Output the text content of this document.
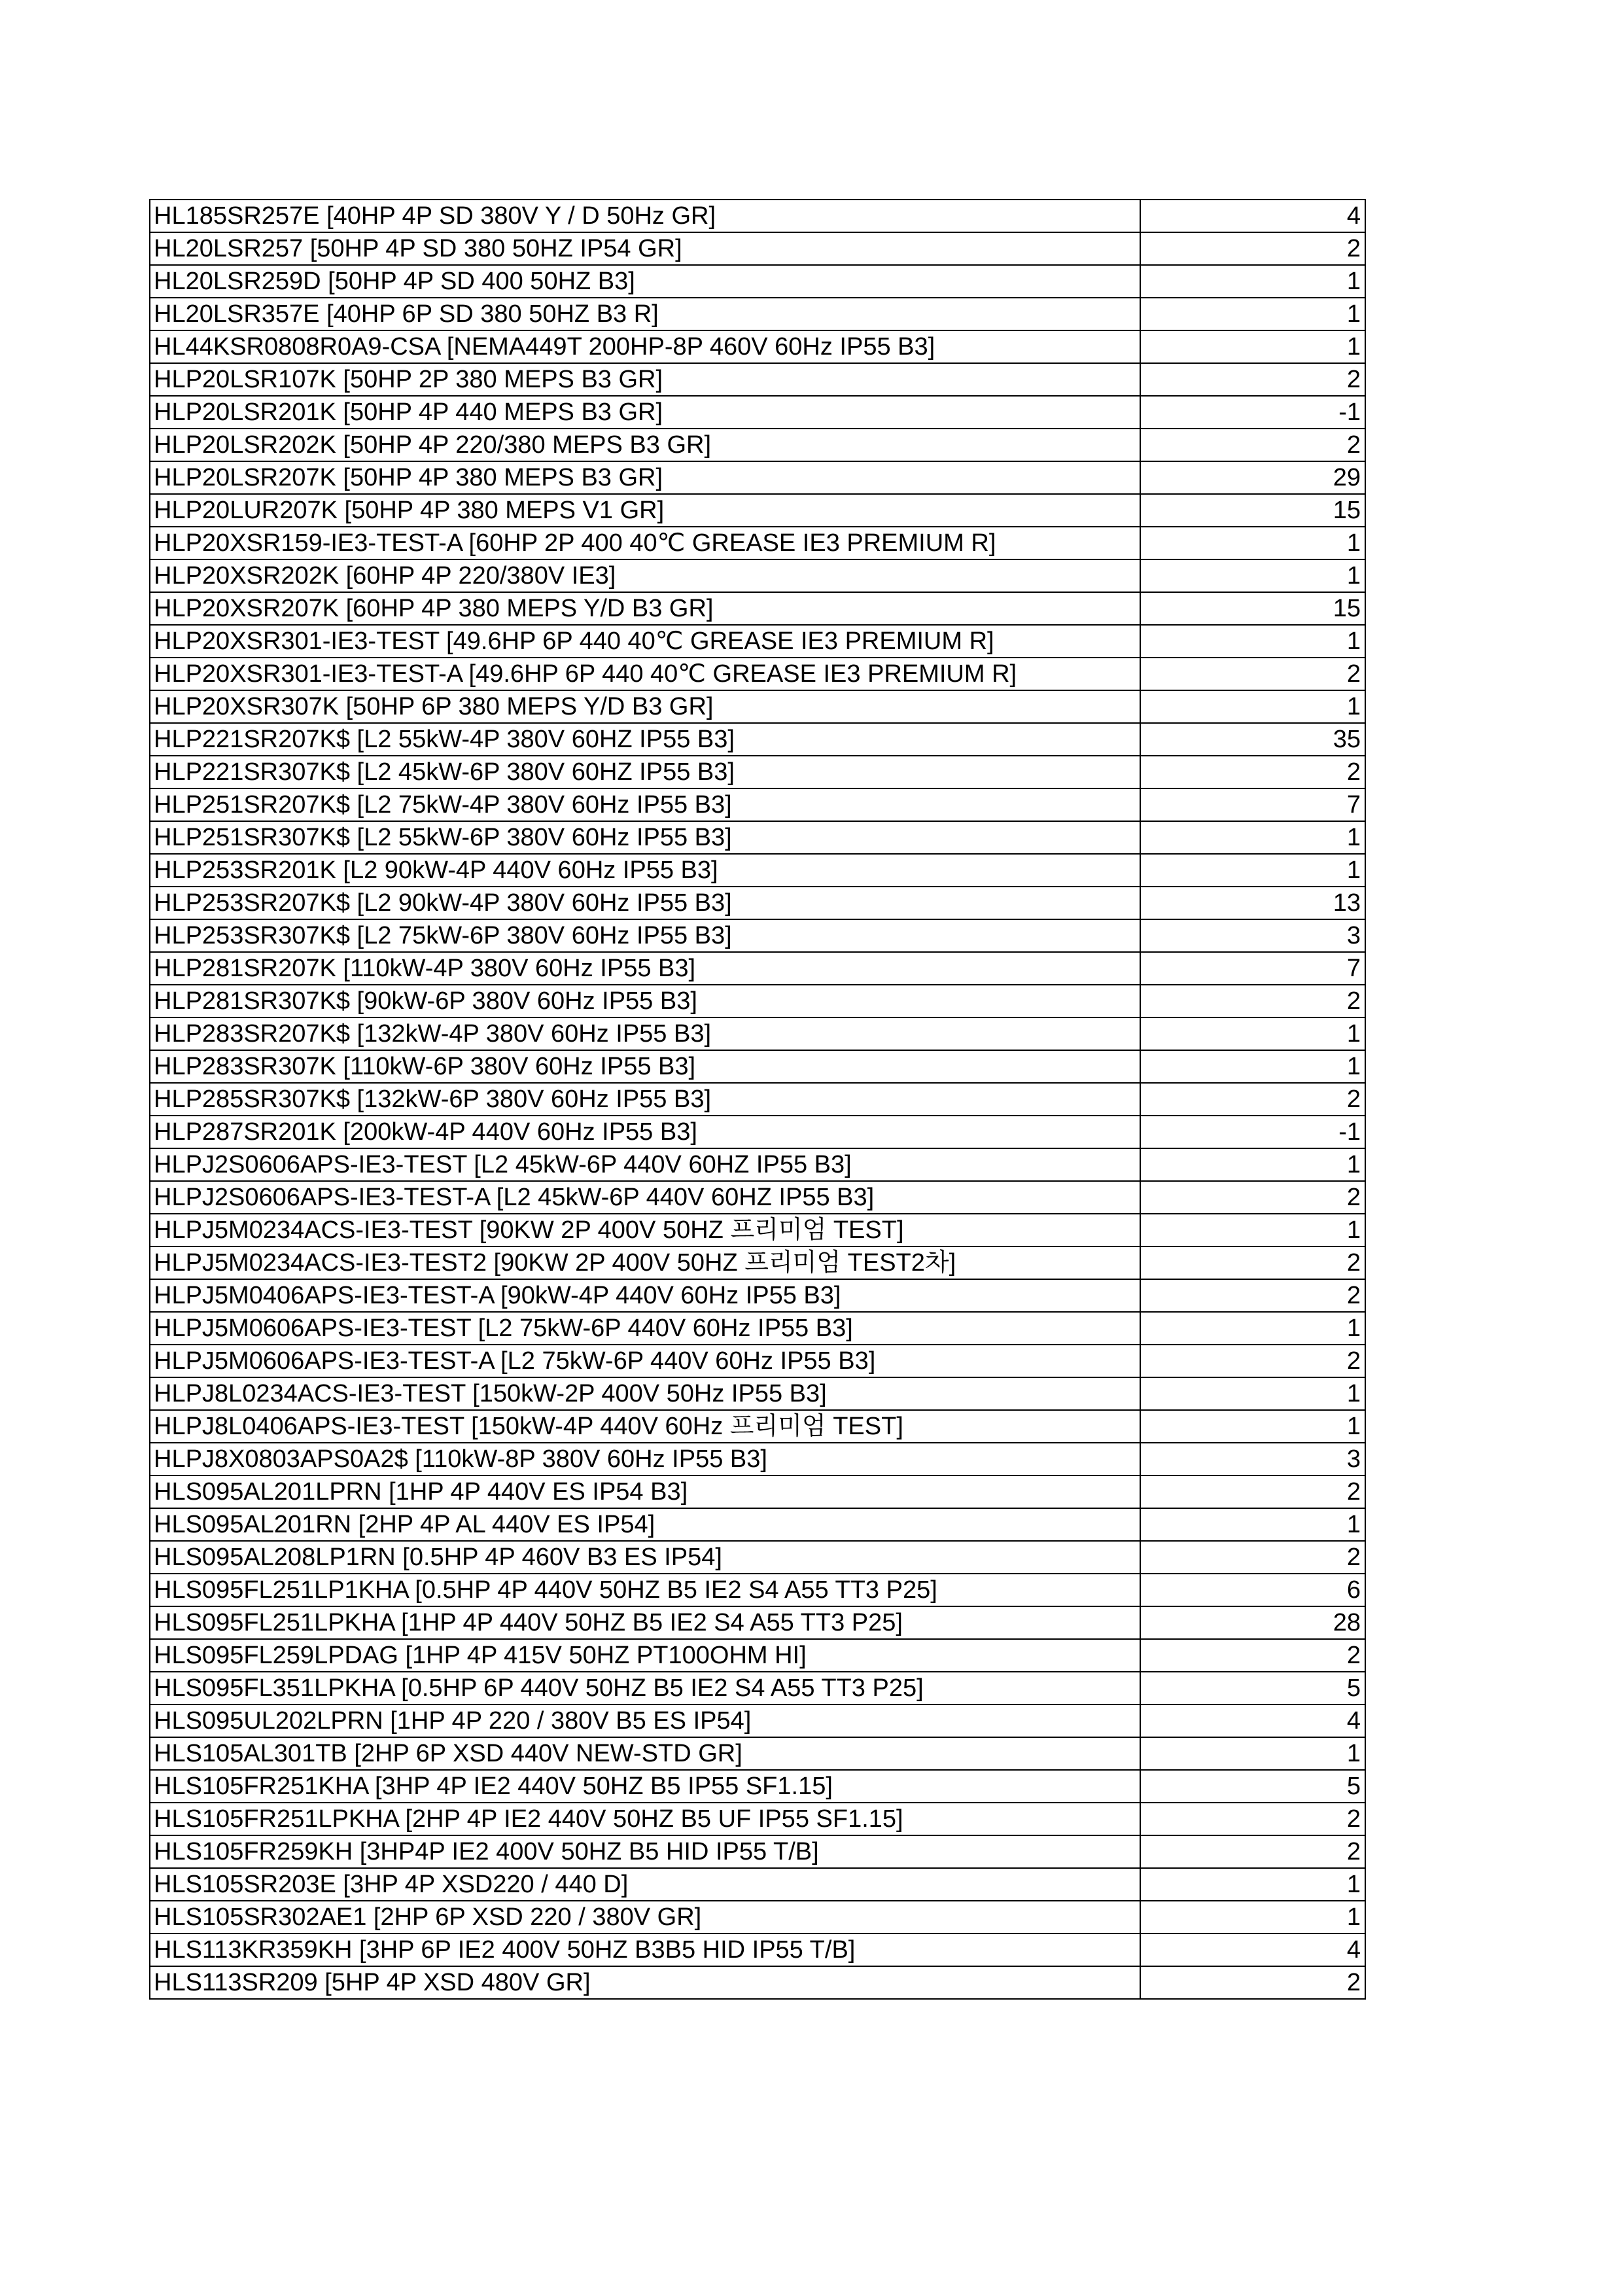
HL185SR257E [40HP 4P SD 380V Y / D 50Hz GR]	4
HL20LSR257 [50HP 4P SD 380 50HZ IP54 GR]	2
HL20LSR259D [50HP 4P SD 400 50HZ B3]	1
HL20LSR357E [40HP 6P SD 380 50HZ B3 R]	1
HL44KSR0808R0A9-CSA [NEMA449T 200HP-8P 460V 60Hz IP55 B3]	1
HLP20LSR107K [50HP 2P 380 MEPS B3 GR]	2
HLP20LSR201K [50HP 4P 440 MEPS B3 GR]	-1
HLP20LSR202K [50HP 4P 220/380 MEPS B3 GR]	2
HLP20LSR207K [50HP 4P 380 MEPS B3 GR]	29
HLP20LUR207K [50HP 4P 380 MEPS V1 GR]	15
HLP20XSR159-IE3-TEST-A [60HP 2P 400 40℃ GREASE IE3 PREMIUM R]	1
HLP20XSR202K [60HP 4P 220/380V IE3]	1
HLP20XSR207K [60HP 4P 380 MEPS Y/D B3 GR]	15
HLP20XSR301-IE3-TEST [49.6HP 6P 440 40℃ GREASE IE3 PREMIUM R]	1
HLP20XSR301-IE3-TEST-A [49.6HP 6P 440 40℃ GREASE IE3 PREMIUM R]	2
HLP20XSR307K [50HP 6P 380 MEPS Y/D B3 GR]	1
HLP221SR207K$ [L2 55kW-4P 380V 60HZ IP55 B3]	35
HLP221SR307K$ [L2 45kW-6P 380V 60HZ IP55 B3]	2
HLP251SR207K$ [L2 75kW-4P 380V 60Hz IP55 B3]	7
HLP251SR307K$ [L2 55kW-6P 380V 60Hz IP55 B3]	1
HLP253SR201K [L2 90kW-4P 440V 60Hz IP55 B3]	1
HLP253SR207K$ [L2 90kW-4P 380V 60Hz IP55 B3]	13
HLP253SR307K$ [L2 75kW-6P 380V 60Hz IP55 B3]	3
HLP281SR207K [110kW-4P 380V 60Hz IP55 B3]	7
HLP281SR307K$ [90kW-6P 380V 60Hz IP55 B3]	2
HLP283SR207K$ [132kW-4P 380V 60Hz IP55 B3]	1
HLP283SR307K [110kW-6P 380V 60Hz IP55 B3]	1
HLP285SR307K$ [132kW-6P 380V 60Hz IP55 B3]	2
HLP287SR201K [200kW-4P 440V 60Hz IP55 B3]	-1
HLPJ2S0606APS-IE3-TEST [L2 45kW-6P 440V 60HZ IP55 B3]	1
HLPJ2S0606APS-IE3-TEST-A [L2 45kW-6P 440V 60HZ IP55 B3]	2
HLPJ5M0234ACS-IE3-TEST [90KW 2P 400V 50HZ 프리미엄 TEST]	1
HLPJ5M0234ACS-IE3-TEST2 [90KW 2P 400V 50HZ 프리미엄 TEST2차]	2
HLPJ5M0406APS-IE3-TEST-A [90kW-4P 440V 60Hz IP55 B3]	2
HLPJ5M0606APS-IE3-TEST [L2 75kW-6P 440V 60Hz IP55 B3]	1
HLPJ5M0606APS-IE3-TEST-A [L2 75kW-6P 440V 60Hz IP55 B3]	2
HLPJ8L0234ACS-IE3-TEST [150kW-2P 400V 50Hz IP55 B3]	1
HLPJ8L0406APS-IE3-TEST [150kW-4P 440V 60Hz 프리미엄 TEST]	1
HLPJ8X0803APS0A2$ [110kW-8P 380V 60Hz IP55 B3]	3
HLS095AL201LPRN [1HP 4P 440V ES IP54 B3]	2
HLS095AL201RN [2HP 4P AL 440V ES IP54]	1
HLS095AL208LP1RN [0.5HP 4P 460V B3 ES IP54]	2
HLS095FL251LP1KHA [0.5HP 4P 440V 50HZ B5 IE2 S4 A55 TT3 P25]	6
HLS095FL251LPKHA [1HP 4P 440V 50HZ B5 IE2 S4 A55 TT3 P25]	28
HLS095FL259LPDAG [1HP 4P 415V 50HZ PT100OHM HI]	2
HLS095FL351LPKHA [0.5HP 6P 440V 50HZ B5 IE2 S4 A55 TT3 P25]	5
HLS095UL202LPRN [1HP 4P 220 / 380V B5 ES IP54]	4
HLS105AL301TB [2HP 6P XSD 440V NEW-STD GR]	1
HLS105FR251KHA [3HP 4P IE2 440V 50HZ B5 IP55 SF1.15]	5
HLS105FR251LPKHA [2HP 4P IE2 440V 50HZ B5 UF IP55 SF1.15]	2
HLS105FR259KH [3HP4P IE2 400V 50HZ B5 HID IP55 T/B]	2
HLS105SR203E [3HP 4P XSD220 / 440 D]	1
HLS105SR302AE1 [2HP 6P XSD 220 / 380V GR]	1
HLS113KR359KH [3HP 6P IE2 400V 50HZ B3B5 HID IP55 T/B]	4
HLS113SR209 [5HP 4P XSD 480V GR]	2
